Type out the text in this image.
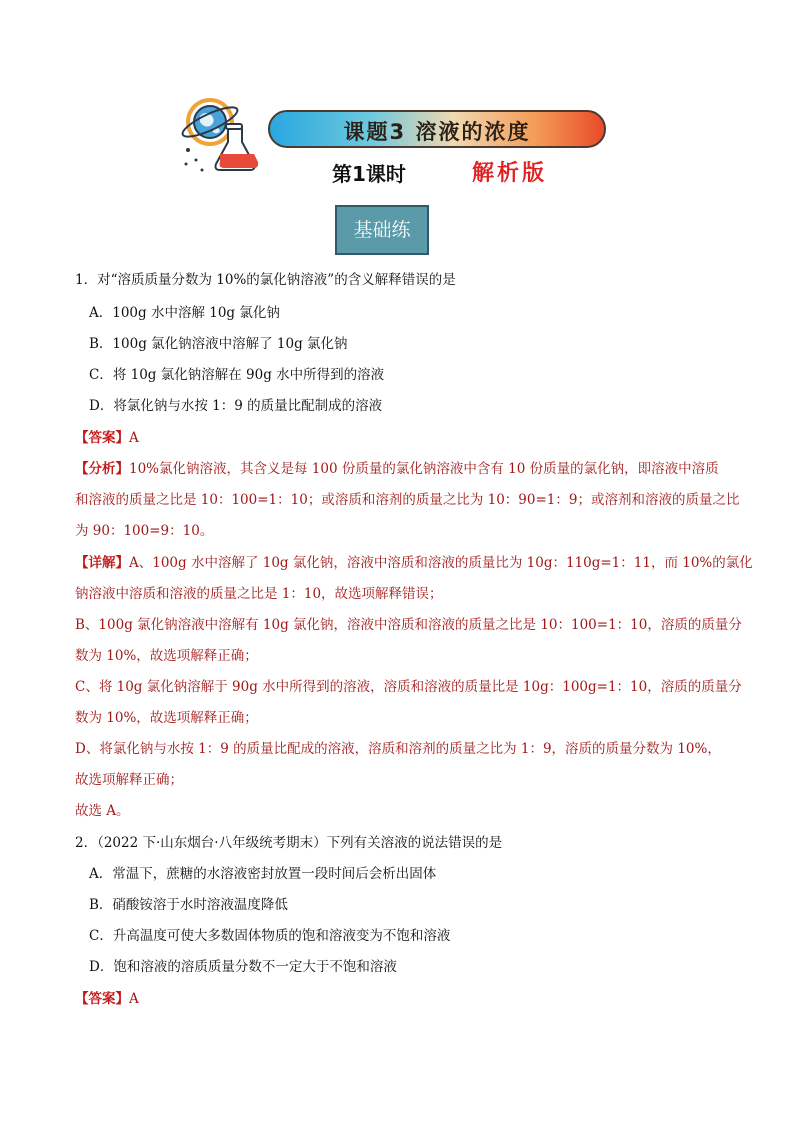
课题3 溶液的浓度
第1课时	解析版
基础练
1．对“溶质质量分数为 10%的氯化钠溶液”的含义解释错误的是
A．100g 水中溶解 10g 氯化钠
B．100g 氯化钠溶液中溶解了 10g 氯化钠
C．将 10g 氯化钠溶解在 90g 水中所得到的溶液
D．将氯化钠与水按 1：9 的质量比配制成的溶液
【答案】A
【分析】10%氯化钠溶液，其含义是每 100 份质量的氯化钠溶液中含有 10 份质量的氯化钠，即溶液中溶质
和溶液的质量之比是 10：100=1：10；或溶质和溶剂的质量之比为 10：90=1：9；或溶剂和溶液的质量之比
为 90：100=9：10。
【详解】A、100g 水中溶解了 10g 氯化钠，溶液中溶质和溶液的质量比为 10g：110g=1：11，而 10%的氯化
钠溶液中溶质和溶液的质量之比是 1：10，故选项解释错误；
B、100g 氯化钠溶液中溶解有 10g 氯化钠，溶液中溶质和溶液的质量之比是 10：100=1：10，溶质的质量分
数为 10%，故选项解释正确；
C、将 10g 氯化钠溶解于 90g 水中所得到的溶液，溶质和溶液的质量比是 10g：100g=1：10，溶质的质量分
数为 10%，故选项解释正确；
D、将氯化钠与水按 1：9 的质量比配成的溶液，溶质和溶剂的质量之比为 1：9，溶质的质量分数为 10%，
故选项解释正确；
故选 A。
2．（2022 下·山东烟台·八年级统考期末）下列有关溶液的说法错误的是
A．常温下，蔗糖的水溶液密封放置一段时间后会析出固体
B．硝酸铵溶于水时溶液温度降低
C．升高温度可使大多数固体物质的饱和溶液变为不饱和溶液
D．饱和溶液的溶质质量分数不一定大于不饱和溶液
【答案】A
